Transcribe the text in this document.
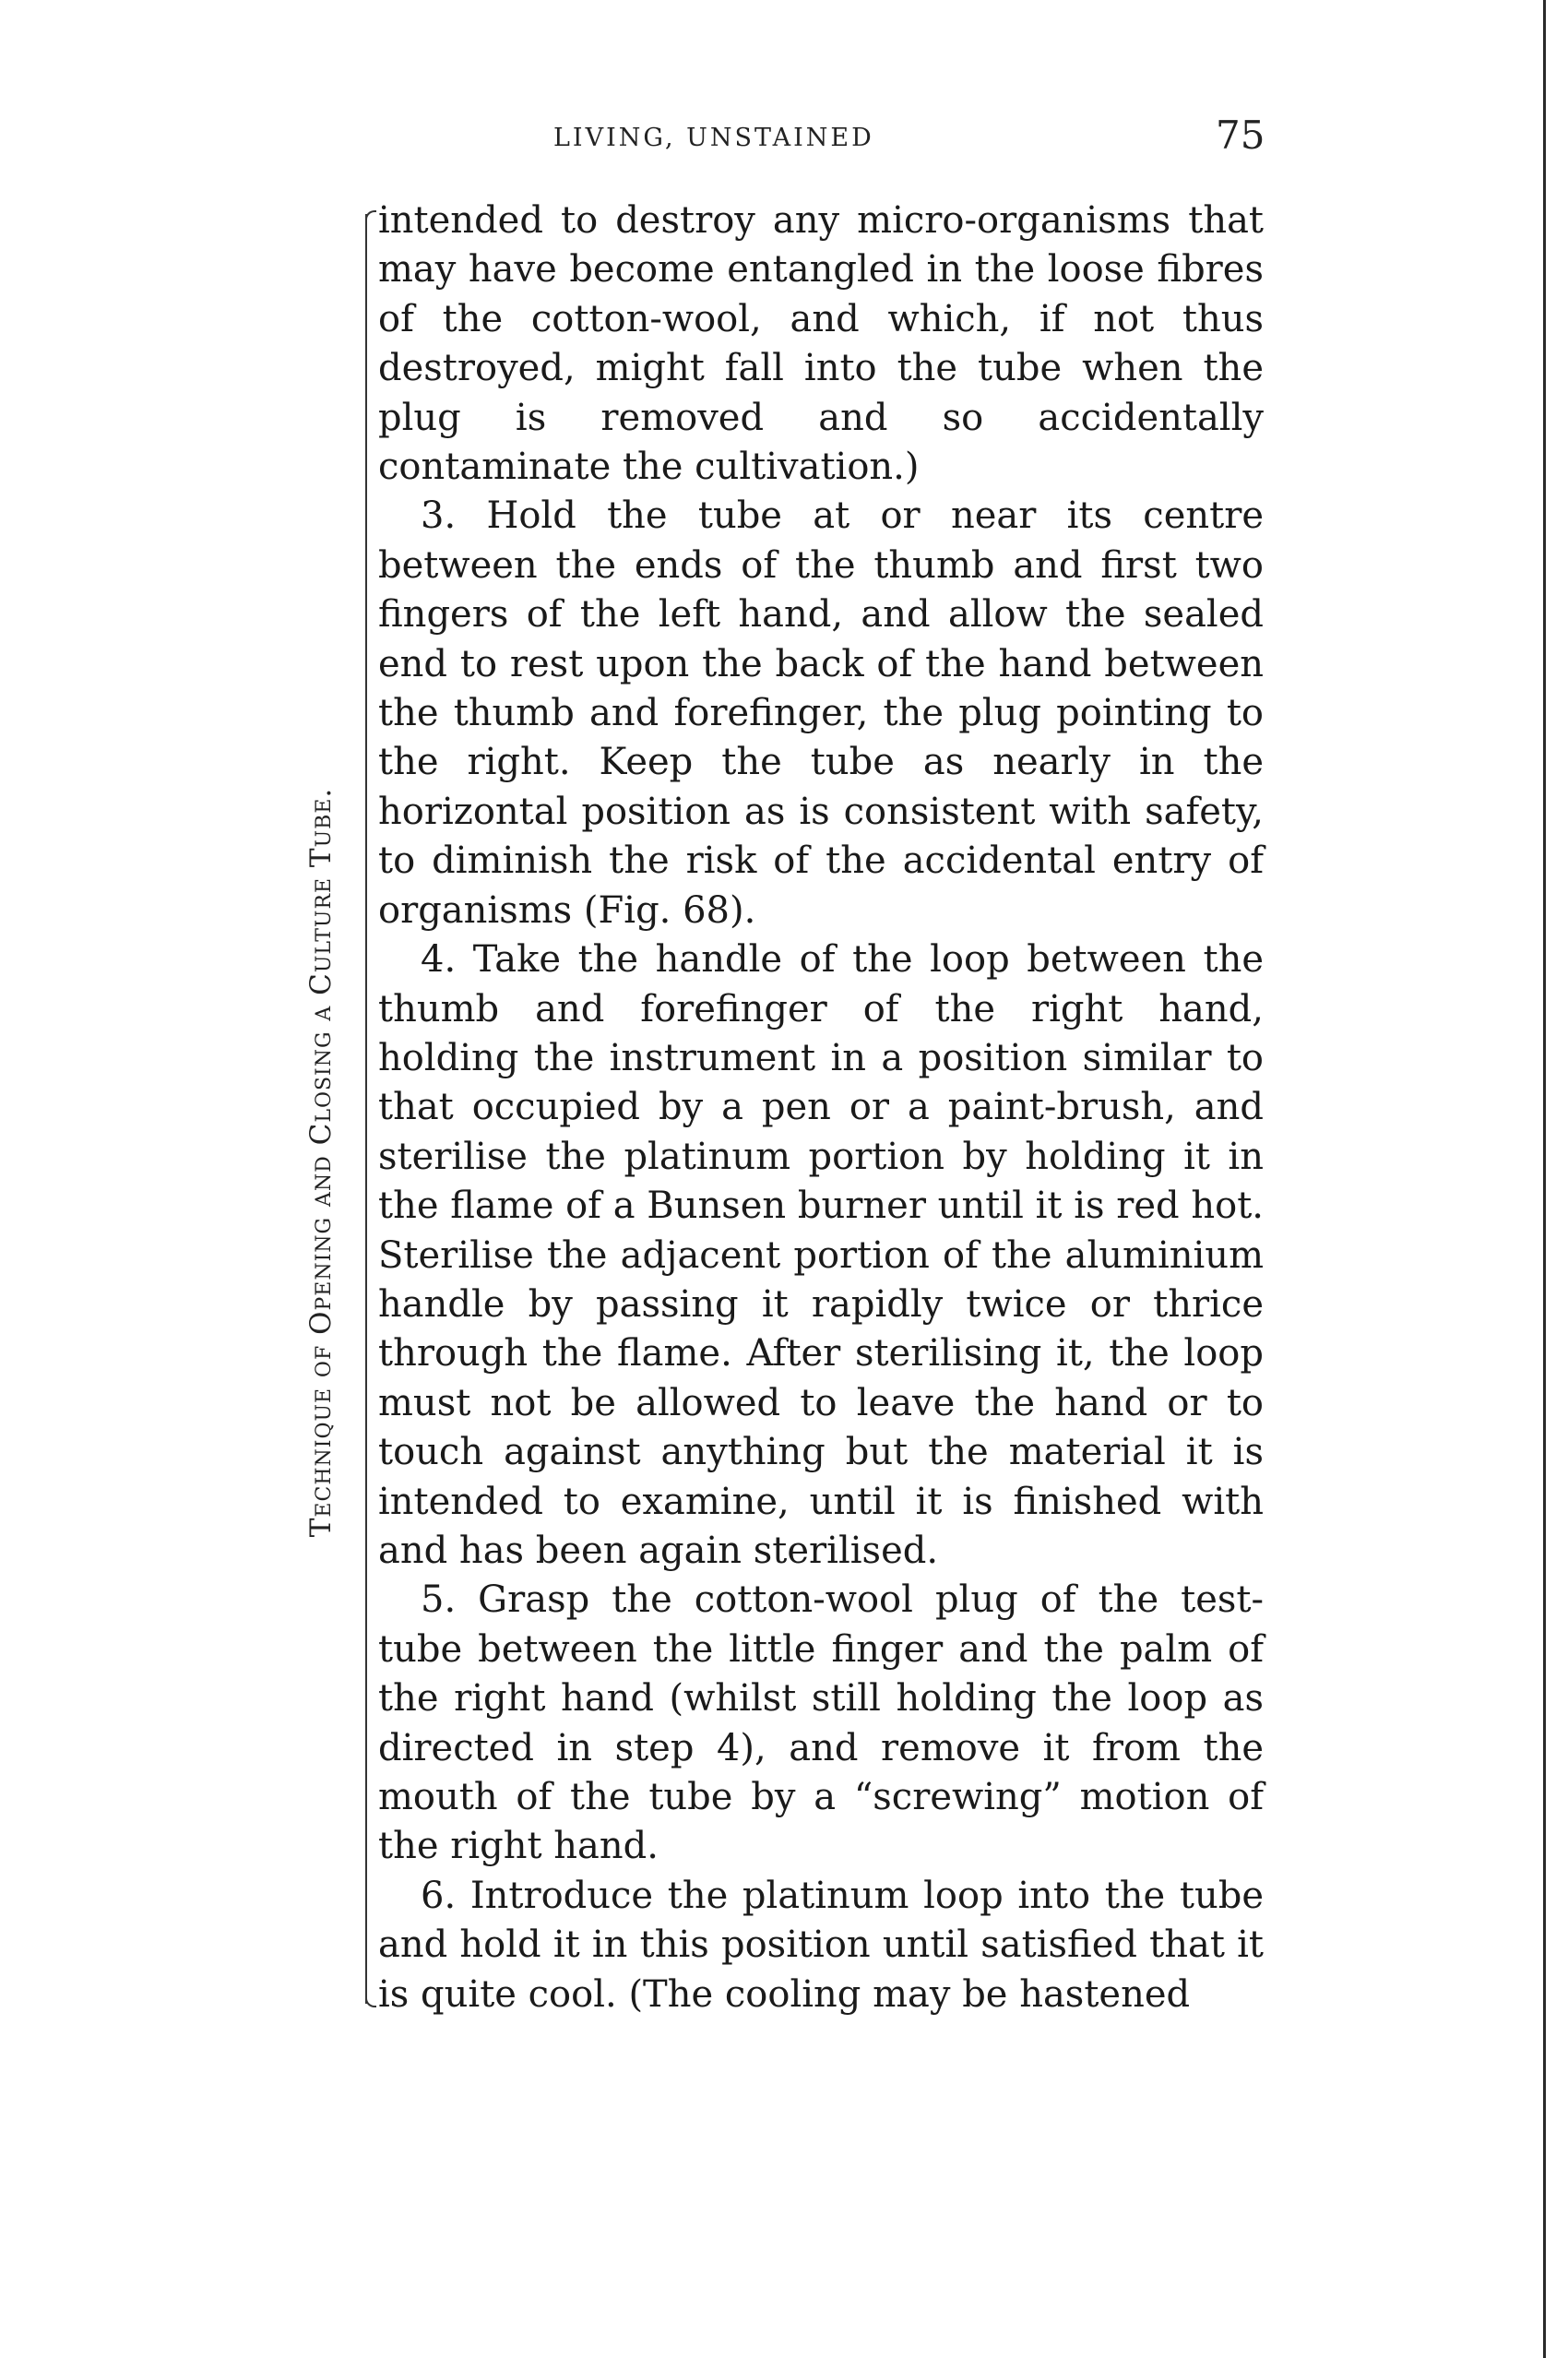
LIVING, UNSTAINED	75
Technique of Opening and Closing a Culture Tube.

intended to destroy any micro-organisms that may have become entangled in the loose fibres of the cotton-wool, and which, if not thus destroyed, might fall into the tube when the plug is removed and so accidentally contaminate the cultivation.)

3. Hold the tube at or near its centre between the ends of the thumb and first two fingers of the left hand, and allow the sealed end to rest upon the back of the hand between the thumb and forefinger, the plug pointing to the right. Keep the tube as nearly in the horizontal position as is consistent with safety, to diminish the risk of the accidental entry of organisms (Fig. 68).

4. Take the handle of the loop between the thumb and forefinger of the right hand, holding the instrument in a position similar to that occupied by a pen or a paint-brush, and sterilise the platinum portion by holding it in the flame of a Bunsen burner until it is red hot. Sterilise the adjacent portion of the aluminium handle by passing it rapidly twice or thrice through the flame. After sterilising it, the loop must not be allowed to leave the hand or to touch against anything but the material it is intended to examine, until it is finished with and has been again sterilised.

5. Grasp the cotton-wool plug of the test-tube between the little finger and the palm of the right hand (whilst still holding the loop as directed in step 4), and remove it from the mouth of the tube by a “screwing” motion of the right hand.

6. Introduce the platinum loop into the tube and hold it in this position until satisfied that it is quite cool. (The cooling may be hastened
